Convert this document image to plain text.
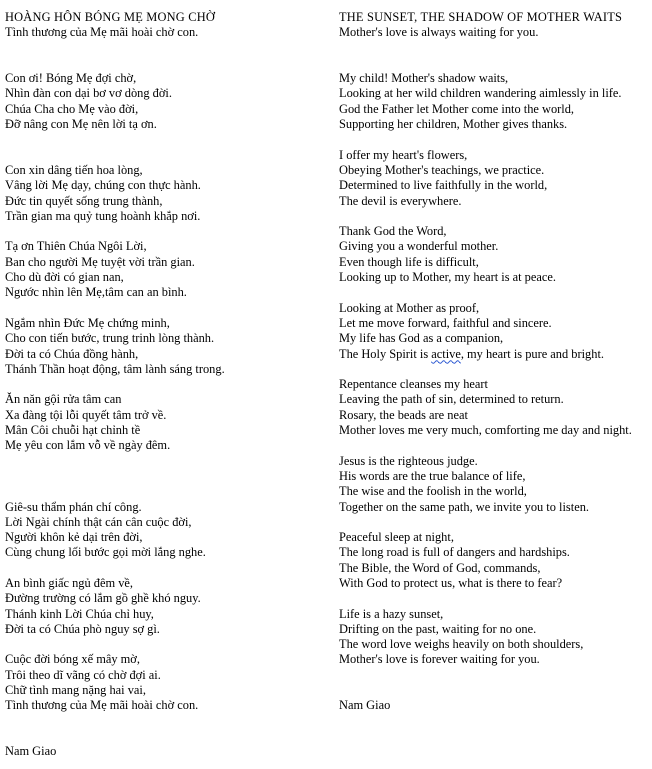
HOÀNG HÔN BÓNG MẸ MONG CHỜ
Tình thương của Mẹ mãi hoài chờ con.
Con ơi! Bóng Mẹ đợi chờ,
Nhìn đàn con dại bơ vơ dòng đời.
Chúa Cha cho Mẹ vào đời,
Đỡ nâng con Mẹ nên lời tạ ơn.
Con xin dâng tiến hoa lòng,
Vâng lời Mẹ dạy, chúng con thực hành.
Đức tin quyết sống trung thành,
Trần gian ma quỷ tung hoành khắp nơi.
Tạ ơn Thiên Chúa Ngôi Lời,
Ban cho người Mẹ tuyệt vời trần gian.
Cho dù đời có gian nan,
Ngước nhìn lên Mẹ,tâm can an bình.
Ngắm nhìn Đức Mẹ chứng minh,
Cho con tiến bước, trung trinh lòng thành.
Đời ta có Chúa đồng hành,
Thánh Thần hoạt động, tâm lành sáng trong.
Ăn năn gội rửa tâm can
Xa đàng tội lỗi quyết tâm trở về.
Mân Côi chuỗi hạt chỉnh tề
Mẹ yêu con lắm vỗ về ngày đêm.
Giê-su thẩm phán chí công.
Lời Ngài chính thật cán cân cuộc đời,
Người khôn kẻ dại trên đời,
Cùng chung lối bước gọi mời lắng nghe.
An bình giấc ngủ đêm về,
Đường trường có lắm gồ ghề khó nguy.
Thánh kinh Lời Chúa chỉ huy,
Đời ta có Chúa phò nguy sợ gì.
Cuộc đời bóng xế mây mờ,
Trôi theo dĩ vãng có chờ đợi ai.
Chữ tình mang nặng hai vai,
Tình thương của Mẹ mãi hoài chờ con.
Nam Giao
THE SUNSET, THE SHADOW OF MOTHER WAITS
Mother's love is always waiting for you.
My child! Mother's shadow waits,
Looking at her wild children wandering aimlessly in life.
God the Father let Mother come into the world,
Supporting her children, Mother gives thanks.
I offer my heart's flowers,
Obeying Mother's teachings, we practice.
Determined to live faithfully in the world,
The devil is everywhere.
Thank God the Word,
Giving you a wonderful mother.
Even though life is difficult,
Looking up to Mother, my heart is at peace.
Looking at Mother as proof,
Let me move forward, faithful and sincere.
My life has God as a companion,
The Holy Spirit is active, my heart is pure and bright.
Repentance cleanses my heart
Leaving the path of sin, determined to return.
Rosary, the beads are neat
Mother loves me very much, comforting me day and night.
Jesus is the righteous judge.
His words are the true balance of life,
The wise and the foolish in the world,
Together on the same path, we invite you to listen.
Peaceful sleep at night,
The long road is full of dangers and hardships.
The Bible, the Word of God, commands,
With God to protect us, what is there to fear?
Life is a hazy sunset,
Drifting on the past, waiting for no one.
The word love weighs heavily on both shoulders,
Mother's love is forever waiting for you.
Nam Giao
